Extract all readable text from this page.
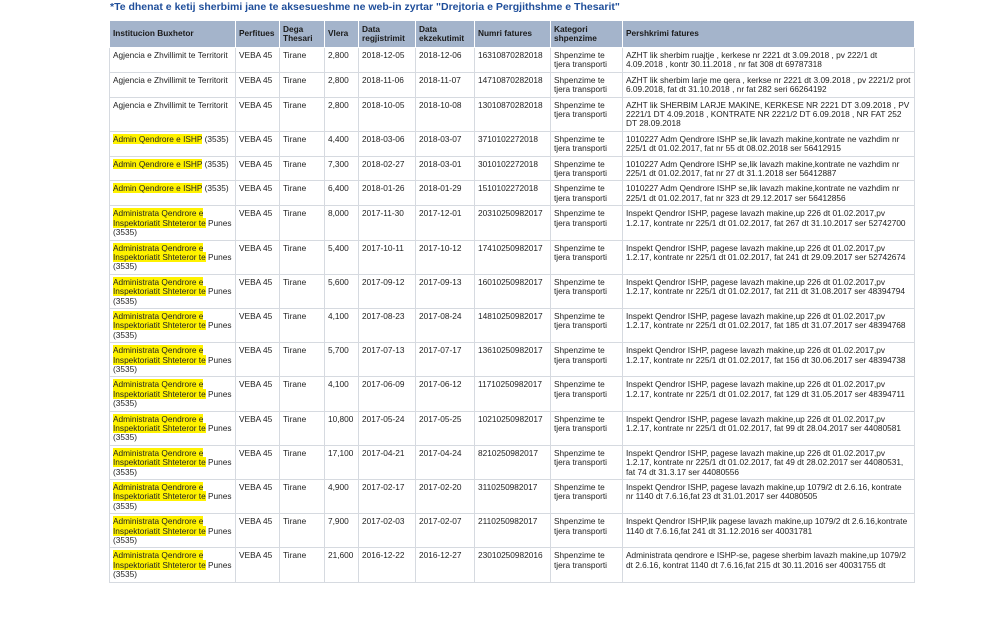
*Te dhenat e ketij sherbimi jane te aksesueshme ne web-in zyrtar "Drejtoria e Pergjithshme e Thesarit"
Institucion Buxhetor	Perfitues	Dega Thesari	Vlera	Data regjistrimit	Data ekzekutimit	Numri fatures	Kategori shpenzime	Pershkrimi fatures
Agjencia e Zhvillimit te Territorit	VEBA 45	Tirane	2,800	2018-12-05	2018-12-06	16310870282018	Shpenzime te tjera transporti	AZHT lik sherbim ruajtje , kerkese nr 2221 dt 3.09.2018 , pv 222/1 dt 4.09.2018 , kontr 30.11.2018 , nr fat 308 dt 69787318
Agjencia e Zhvillimit te Territorit	VEBA 45	Tirane	2,800	2018-11-06	2018-11-07	14710870282018	Shpenzime te tjera transporti	AZHT lik sherbim larje me qera , kerkse nr 2221 dt 3.09.2018 , pv 2221/2 prot 6.09.2018, fat dt 31.10.2018 , nr fat 282 seri 66264192
Agjencia e Zhvillimit te Territorit	VEBA 45	Tirane	2,800	2018-10-05	2018-10-08	13010870282018	Shpenzime te tjera transporti	AZHT lik SHERBIM LARJE MAKINE, KERKESE NR 2221 DT 3.09.2018 , PV 2221/1 DT 4.09.2018 , KONTRATE NR 2221/2 DT 6.09.2018 , NR FAT 252 DT 28.09.2018
Admin Qendrore e ISHP (3535)	VEBA 45	Tirane	4,400	2018-03-06	2018-03-07	3710102272018	Shpenzime te tjera transporti	1010227 Adm Qendrore ISHP se,lik lavazh makine,kontrate ne vazhdim nr 225/1 dt 01.02.2017, fat nr 55 dt 08.02.2018 ser 56412915
Admin Qendrore e ISHP (3535)	VEBA 45	Tirane	7,300	2018-02-27	2018-03-01	3010102272018	Shpenzime te tjera transporti	1010227 Adm Qendrore ISHP se,lik lavazh makine,kontrate ne vazhdim nr 225/1 dt 01.02.2017, fat nr 27 dt 31.1.2018 ser 56412887
Admin Qendrore e ISHP (3535)	VEBA 45	Tirane	6,400	2018-01-26	2018-01-29	1510102272018	Shpenzime te tjera transporti	1010227 Adm Qendrore ISHP se,lik lavazh makine,kontrate ne vazhdim nr 225/1 dt 01.02.2017, fat nr 323 dt 29.12.2017 ser 56412856
Administrata Qendrore e Inspektoriatit Shteteror te Punes (3535)	VEBA 45	Tirane	8,000	2017-11-30	2017-12-01	20310250982017	Shpenzime te tjera transporti	Inspekt Qendror ISHP, pagese lavazh makine,up 226 dt 01.02.2017,pv 1.2.17, kontrate nr 225/1 dt 01.02.2017, fat 267 dt 31.10.2017 ser 52742700
Administrata Qendrore e Inspektoriatit Shteteror te Punes (3535)	VEBA 45	Tirane	5,400	2017-10-11	2017-10-12	17410250982017	Shpenzime te tjera transporti	Inspekt Qendror ISHP, pagese lavazh makine,up 226 dt 01.02.2017,pv 1.2.17, kontrate nr 225/1 dt 01.02.2017, fat 241 dt 29.09.2017 ser 52742674
Administrata Qendrore e Inspektoriatit Shteteror te Punes (3535)	VEBA 45	Tirane	5,600	2017-09-12	2017-09-13	16010250982017	Shpenzime te tjera transporti	Inspekt Qendror ISHP, pagese lavazh makine,up 226 dt 01.02.2017,pv 1.2.17, kontrate nr 225/1 dt 01.02.2017, fat 211 dt 31.08.2017 ser 48394794
Administrata Qendrore e Inspektoriatit Shteteror te Punes (3535)	VEBA 45	Tirane	4,100	2017-08-23	2017-08-24	14810250982017	Shpenzime te tjera transporti	Inspekt Qendror ISHP, pagese lavazh makine,up 226 dt 01.02.2017,pv 1.2.17, kontrate nr 225/1 dt 01.02.2017, fat 185 dt 31.07.2017 ser 48394768
Administrata Qendrore e Inspektoriatit Shteteror te Punes (3535)	VEBA 45	Tirane	5,700	2017-07-13	2017-07-17	13610250982017	Shpenzime te tjera transporti	Inspekt Qendror ISHP, pagese lavazh makine,up 226 dt 01.02.2017,pv 1.2.17, kontrate nr 225/1 dt 01.02.2017, fat 156 dt 30.06.2017 ser 48394738
Administrata Qendrore e Inspektoriatit Shteteror te Punes (3535)	VEBA 45	Tirane	4,100	2017-06-09	2017-06-12	11710250982017	Shpenzime te tjera transporti	Inspekt Qendror ISHP, pagese lavazh makine,up 226 dt 01.02.2017,pv 1.2.17, kontrate nr 225/1 dt 01.02.2017, fat 129 dt 31.05.2017 ser 48394711
Administrata Qendrore e Inspektoriatit Shteteror te Punes (3535)	VEBA 45	Tirane	10,800	2017-05-24	2017-05-25	10210250982017	Shpenzime te tjera transporti	Inspekt Qendror ISHP, pagese lavazh makine,up 226 dt 01.02.2017,pv 1.2.17, kontrate nr 225/1 dt 01.02.2017, fat 99 dt 28.04.2017 ser 44080581
Administrata Qendrore e Inspektoriatit Shteteror te Punes (3535)	VEBA 45	Tirane	17,100	2017-04-21	2017-04-24	8210250982017	Shpenzime te tjera transporti	Inspekt Qendror ISHP, pagese lavazh makine,up 226 dt 01.02.2017,pv 1.2.17, kontrate nr 225/1 dt 01.02.2017, fat 49 dt 28.02.2017 ser 44080531, fat 74 dt 31.3.17 ser 44080556
Administrata Qendrore e Inspektoriatit Shteteror te Punes (3535)	VEBA 45	Tirane	4,900	2017-02-17	2017-02-20	3110250982017	Shpenzime te tjera transporti	Inspekt Qendror ISHP, pagese lavazh makine,up 1079/2 dt 2.6.16, kontrate nr 1140 dt 7.6.16,fat 23 dt 31.01.2017 ser 44080505
Administrata Qendrore e Inspektoriatit Shteteror te Punes (3535)	VEBA 45	Tirane	7,900	2017-02-03	2017-02-07	2110250982017	Shpenzime te tjera transporti	Inspekt Qendror ISHP,lik pagese lavazh makine,up 1079/2 dt 2.6.16,kontrate 1140 dt 7.6.16,fat 241 dt 31.12.2016 ser 40031781
Administrata Qendrore e Inspektoriatit Shteteror te Punes (3535)	VEBA 45	Tirane	21,600	2016-12-22	2016-12-27	23010250982016	Shpenzime te tjera transporti	Administrata qendrore e ISHP-se, pagese sherbim lavazh makine,up 1079/2 dt 2.6.16, kontrat 1140 dt 7.6.16,fat 215 dt 30.11.2016 ser 40031755 dt
